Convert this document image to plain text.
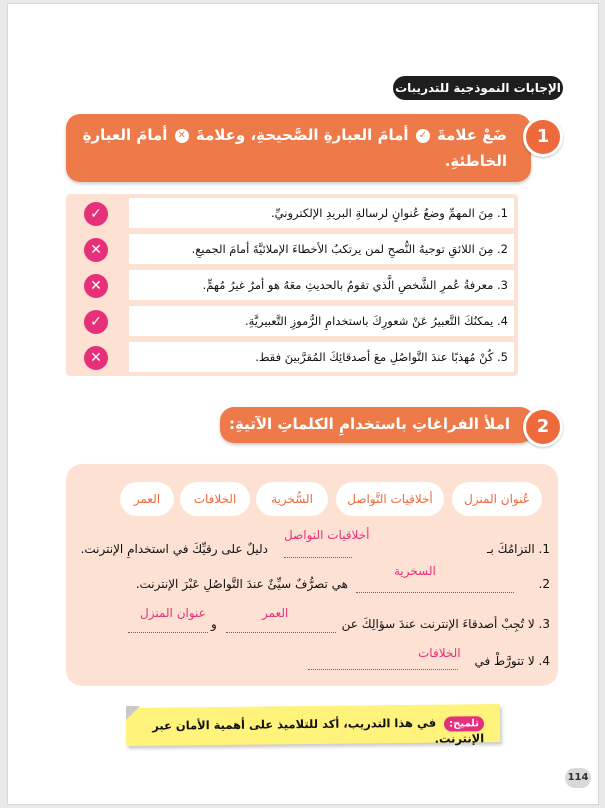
الإجابات النموذجية للتدريبات
ضَعْ علامةَ ✓ أمامَ العبارةِ الصَّحيحةِ، وعلامةَ ✕ أمامَ العبارةِ الخاطئةِ.
1
✓	1. مِنَ المهمِّ وضعُ عُنوانٍ لرسالةِ البريدِ الإلكترونيِّ.
✕	2. مِنَ اللائقِ توجيهُ النُّصحِ لمن يرتكبُ الأخطاءَ الإملائيَّةَ أمامَ الجميعِ.
✕	3. معرفةُ عُمرِ الشَّخصِ الَّذي تقومُ بالحديثِ معَهُ هو أمرٌ غيرُ مُهمٍّ.
✓	4. يمكنُكَ التَّعبيرُ عَنْ شعورِكَ باستخدامِ الرُّموزِ التَّعبيريَّةِ.
✕	5. كُنْ مُهذبًا عندَ التَّواصُلِ معَ أصدقائِكَ المُقرَّبينَ فقط.
املأ الفراغاتِ باستخدامِ الكلماتِ الآتيةِ:	2
عُنوان المنزل
أخلاقيات التَّواصل
السُّخرية
الخلافات
العمر
1. التزامُكَ بـ
أخلاقيات التواصل
دليلٌ على رقيِّكَ في استخدامِ الإنترنت.
2.
السخرية
هي تصرُّفٌ سيِّئٌ عندَ التَّواصُلِ عَبْرَ الإنترنت.
3. لا تُجِبْ أصدقاءَ الإنترنت عندَ سؤالِكَ عن
العمر
و
عنوان المنزل
4. لا تتورَّطْ في
الخلافات
تلميح: في هذا التدريب، أكد للتلاميذ على أهمية الأمان عبر الإنترنت.
114
